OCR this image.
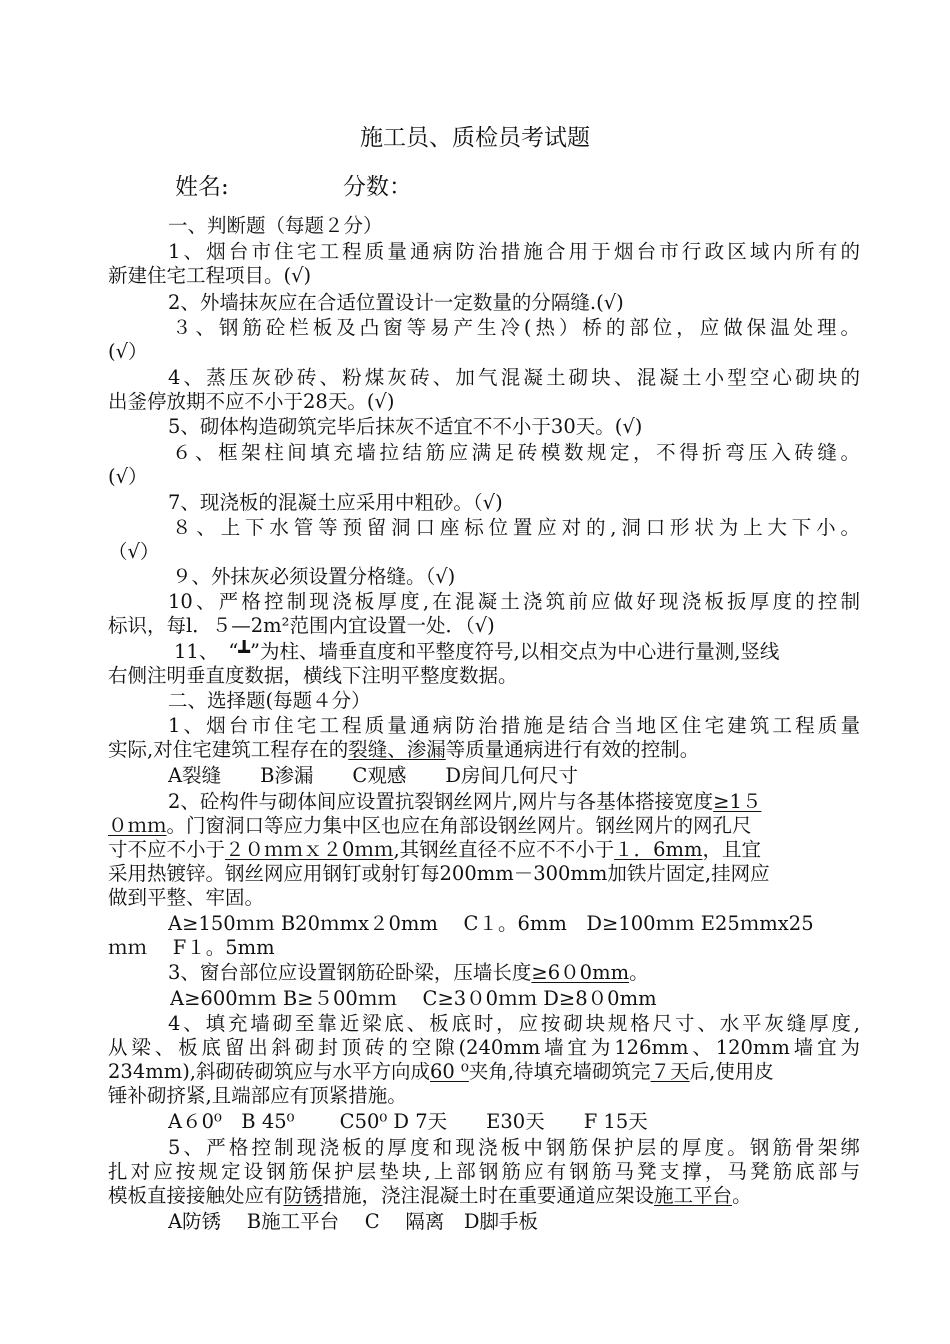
施工员、质检员考试题
姓名:	分数：
一、判断题（每题２分）
1、烟台市住宅工程质量通病防治措施合用于烟台市行政区域内所有的
新建住宅工程项目。(√)
2、外墙抹灰应在合适位置设计一定数量的分隔缝.(√)
３、钢筋砼栏板及凸窗等易产生冷(热）桥的部位，应做保温处理。
(√）
4、蒸压灰砂砖、粉煤灰砖、加气混凝土砌块、混凝土小型空心砌块的
出釜停放期不应不小于28天。(√)
5、砌体构造砌筑完毕后抹灰不适宜不不小于30天。(√)
６、框架柱间填充墙拉结筋应满足砖模数规定，不得折弯压入砖缝。
(√）
7、现浇板的混凝土应采用中粗砂。（√)
８、上下水管等预留洞口座标位置应对的,洞口形状为上大下小。
（√）
９、外抹灰必须设置分格缝。（√)
10、严格控制现浇板厚度,在混凝土浇筑前应做好现浇板扳厚度的控制
标识，每l．５—2m²范围内宜设置一处．（√)
11、 “┻”为柱、墙垂直度和平整度符号,以相交点为中心进行量测,竖线
右侧注明垂直度数据，横线下注明平整度数据。
二、选择题(每题４分）
1、烟台市住宅工程质量通病防治措施是结合当地区住宅建筑工程质量
实际,对住宅建筑工程存在的裂缝、渗漏等质量通病进行有效的控制。
A裂缝　　B渗漏　　C观感　　D房间几何尺寸
2、砼构件与砌体间应设置抗裂钢丝网片,网片与各基体搭接宽度≥1５
０ｍｍ。门窗洞口等应力集中区也应在角部设钢丝网片。钢丝网片的网孔尺
寸不应不小于２０ｍｍｘ２0ｍｍ,其钢丝直径不应不不小于１．6mm，且宜
采用热镀锌。钢丝网应用钢钉或射钉每200mm－300mm加铁片固定,挂网应
做到平整、牢固。
A≥150ｍｍ B20ｍmx２0mm　 C１。6mm　D≥100ｍｍ E25ｍmx25
ｍｍ　 F１。5mm
3、窗台部位应设置钢筋砼卧梁，压墙长度≥6０0mm。
A≥600ｍｍ B≥５00ｍｍ　 C≥3０0ｍｍ D≥8０0mm
4、填充墙砌至靠近梁底、板底时，应按砌块规格尺寸、水平灰缝厚度,
从梁、板底留出斜砌封顶砖的空隙(240mm墙宜为126mm、120mm墙宜为
234mm),斜砌砖砌筑应与水平方向成60 ⁰夹角,待填充墙砌筑完７天后,使用皮
锤补砌挤紧,且端部应有顶紧措施。
A６0⁰　B 45⁰　　 C50⁰ D 7天　　E30天　　F 15天
5、严格控制现浇板的厚度和现浇板中钢筋保护层的厚度。钢筋骨架绑
扎对应按规定设钢筋保护层垫块,上部钢筋应有钢筋马凳支撑，马凳筋底部与
模板直接接触处应有防锈措施，浇注混凝土时在重要通道应架设施工平台。
A防锈　 B施工平台　 C　 隔离　D脚手板
